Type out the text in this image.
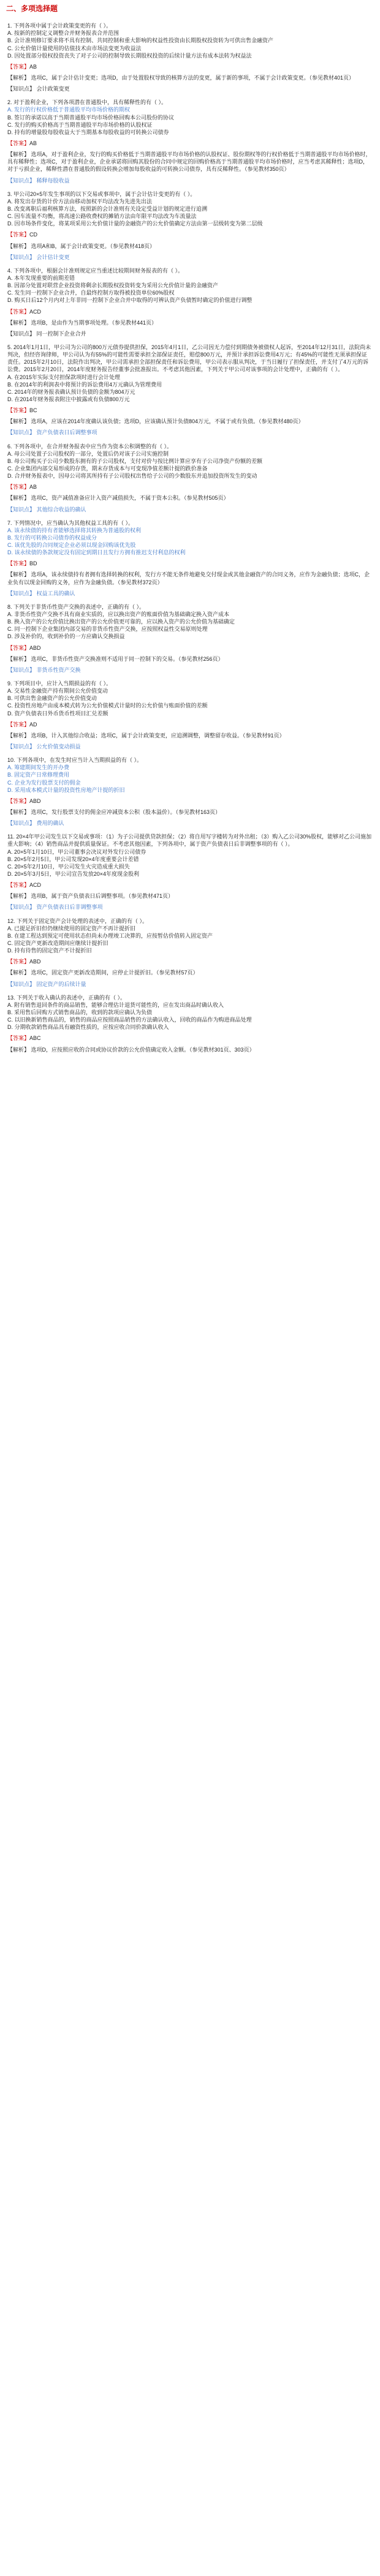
二、多项选择题
1. 下列各项中属于会计政策变更的有（ ）。
A. 按新的控制定义调整合并财务报表合并范围
B. 会计准则修订要求将不具有控制、共同控制和重大影响的权益性投资由长期股权投资转为可供出售金融资产
C. 公允价值计量使用的估值技术由市场法变更为收益法
D. 因处置部分股权投资丧失了对子公司的控制导致长期股权投资的后续计量方法有成本法转为权益法
【答案】AB
【解析】 选项C，属于会计估计变更；选项D，由于处置股权导致的核算方法的变更，属于新的事项，不属于会计政策变更。（参见教材401页）
【知识点】 会计政策变更
2. 对于盈利企业，下列各项潜在普通股中，具有稀释性的有（ ）。
A. 发行的行权价格低于普通股平均市场价格的期权
B. 签订的承诺以高于当期普通股平均市场价格回购本公司股份的协议
C. 发行的购买价格高于当期普通股平均市场价格的认股权证
D. 持有的增量股每股收益大于当期基本每股收益的可转换公司债券
【答案】AB
【解析】 选项A，对于盈利企业，发行的购买价格低于当期普通股平均市场价格的认股权证、股份期权等的行权价格低于当期普通股平均市场价格时，具有稀释性；选项C，对于盈利企业，企业承诺将回购其股份的合同中规定的回购价格高于当期普通股平均市场价格时，应当考虑其稀释性；选项D，对于亏损企业，稀释性潜在普通股的假设转换会增加每股收益的可转换公司债券，具有反稀释性。（参见教材350页）
【知识点】 稀释每股收益
3. 甲公司20×5年发生事项的以下交易或事项中，属于会计估计变更的有（ ）。
A. 将发出存货的计价方法由移动加权平均法改为先进先出法
B. 改变离职后福利核算方法，按照新的会计准则有关设定受益计划的规定进行追溯
C. 因车流量不均衡，将高速公路收费权的摊销方法由年限平均法改为车流量法
D. 因市场条件变化，将某项采用公允价值计量的金融资产的公允价值确定方法由第一层级转变为第二层级
【答案】CD
【解析】 选项A和B，属于会计政策变更。（参见教材418页）
【知识点】 会计估计变更
4. 下列各项中，根据会计准则规定应当重述比较期间财务报表的有（ ）。
A. 本年发现重要的前期差错
B. 因部分处置对联营企业投资将剩余长期股权投资转变为采用公允价值计量的金融资产
C. 发生同一控制下企业合并，自最终控制方取得被投资单位60%股权
D. 购买日后12个月内对上年非同一控制下企业合并中取得的可辨认资产负债暂时确定的价值进行调整
【答案】ACD
【解析】 选项B，是由作为当期事项处理。（参见教材441页）
【知识点】 同一控制下企业合并
5. 2014年1月1日，甲公司为公司的800万元债券提供担保，2015年4月1日，乙公司因无力偿付到期债务被债权人起诉，至2014年12月31日，法院尚未判决，但经咨询律师，甲公司认为有55%的可能性需要承担全部保证责任，赔偿800万元，并预计承担诉讼费用4万元；有45%的可能性无须承担保证责任。2015年2月10日，法院作出判决，甲公司需承担全部担保责任和诉讼费用，甲公司表示服从判决，于当日履行了担保责任，并支付了4万元的诉讼费。2015年2月20日，2014年度财务报告经董事会批准报出。不考虑其他因素，下列关于甲公司对该事项的会计处理中，正确的有（ ）。
A. 在2015年实际支付担保款项时进行会计处理
B. 在2014年的利润表中将预计的诉讼费用4万元确认为管理费用
C. 2014年的财务报表确认预计负债的金额为804万元
D. 在2014年财务报表附注中披露或有负债800万元
【答案】BC
【解析】 选项A，应该在2014年度确认该负债；选项D，应该确认预计负债804万元，不属于或有负债。（参见教材480页）
【知识点】 资产负债表日后调整事项
6. 下列各项中，在合并财务报表中应当作为资本公积调整的有（ ）。
A. 母公司处置子公司股权的一部分，处置后仍对该子公司实施控制
B. 母公司购买子公司少数股东拥有的子公司股权，支付对价与按比例计算应享有子公司净资产份额的差额
C. 企业集团内部交易形成的存货，期末存货成本与可变现净值差额计提的跌价准备
D. 合并财务报表中，因母公司将其所持有子公司股权出售给子公司的少数股东并追加投资所发生的变动
【答案】AB
【解析】 选项C，资产减值准备应计入资产减值损失，不属于资本公积。（参见教材505页）
【知识点】 其他综合收益的确认
7. 下列情况中，应当确认为其他权益工具的有（ ）。
A. 该永续债的持有者能够选择将其转换为普通股的权利
B. 发行的可转换公司债券的权益成分
C. 该优先股的合同规定企业必须以现金回购该优先股
D. 该永续债的条款规定没有固定到期日且发行方拥有推迟支付利息的权利
【答案】BD
【解析】 选项A，该永续债持有者拥有选择转换的权利，发行方不能无条件地避免交付现金或其他金融资产的合同义务，应作为金融负债；选项C，企业负有以现金回购的义务，应作为金融负债。（参见教材372页）
【知识点】 权益工具的确认
8. 下列关于非货币性资产交换的表述中，正确的有（ ）。
A. 非货币性资产交换不具有商业实质的，应以换出资产的账面价值为基础确定换入资产成本
B. 换入资产的公允价值比换出资产的公允价值更可靠的，应以换入资产的公允价值为基础确定
C. 同一控制下企业集团内部交易的非货币性资产交换，应按照权益性交易原则处理
D. 涉及补价的，收到补价的一方应确认交换损益
【答案】ABD
【解析】 选项C，非货币性资产交换准则不适用于同一控制下的交易。（参见教材256页）
【知识点】 非货币性资产交换
9. 下列项目中，应计入当期损益的有（ ）。
A. 交易性金融资产持有期间公允价值变动
B. 可供出售金融资产的公允价值变动
C. 投资性房地产由成本模式转为公允价值模式计量时的公允价值与账面价值的差额
D. 资产负债表日外币货币性项目汇兑差额
【答案】AD
【解析】 选项B，计入其他综合收益；选项C，属于会计政策变更，应追溯调整，调整留存收益。（参见教材91页）
【知识点】 公允价值变动损益
10. 下列各项中，在发生时应当计入当期损益的有（ ）。
A. 筹建期间发生的开办费
B. 固定资产日常修理费用
C. 企业为发行股票支付的佣金
D. 采用成本模式计量的投资性房地产计提的折旧
【答案】ABD
【解析】 选项C，发行股票支付的佣金应冲减资本公积（股本溢价）。（参见教材163页）
【知识点】 费用的确认
11. 20×4年甲公司发生以下交易或事项：（1）为子公司提供贷款担保；（2）将自用写字楼转为对外出租；（3）购入乙公司30%股权，能够对乙公司施加重大影响；（4）销售商品并提供质量保证。不考虑其他因素，下列各项中，属于资产负债表日后非调整事项的有（ ）。
A. 20×5年1月10日，甲公司董事会决议对外发行公司债券
B. 20×5年2月5日，甲公司发现20×4年度重要会计差错
C. 20×5年2月10日，甲公司发生火灾造成重大损失
D. 20×5年3月5日，甲公司宣告发放20×4年度现金股利
【答案】ACD
【解析】 选项B，属于资产负债表日后调整事项。（参见教材471页）
【知识点】 资产负债表日后非调整事项
12. 下列关于固定资产会计处理的表述中，正确的有（ ）。
A. 已提足折旧但仍继续使用的固定资产不再计提折旧
B. 在建工程达到预定可使用状态但尚未办理竣工决算的，应按暂估价值转入固定资产
C. 固定资产更新改造期间应继续计提折旧
D. 持有待售的固定资产不计提折旧
【答案】ABD
【解析】 选项C，固定资产更新改造期间，应停止计提折旧。（参见教材57页）
【知识点】 固定资产的后续计量
13. 下列关于收入确认的表述中，正确的有（ ）。
A. 附有销售退回条件的商品销售，能够合理估计退货可能性的，应在发出商品时确认收入
B. 采用售后回购方式销售商品的，收到的款项应确认为负债
C. 以旧换新销售商品的，销售的商品应按照商品销售的方法确认收入，回收的商品作为购进商品处理
D. 分期收款销售商品具有融资性质的，应按应收合同价款确认收入
【答案】ABC
【解析】 选项D，应按照应收的合同或协议价款的公允价值确定收入金额。（参见教材301页、303页）
